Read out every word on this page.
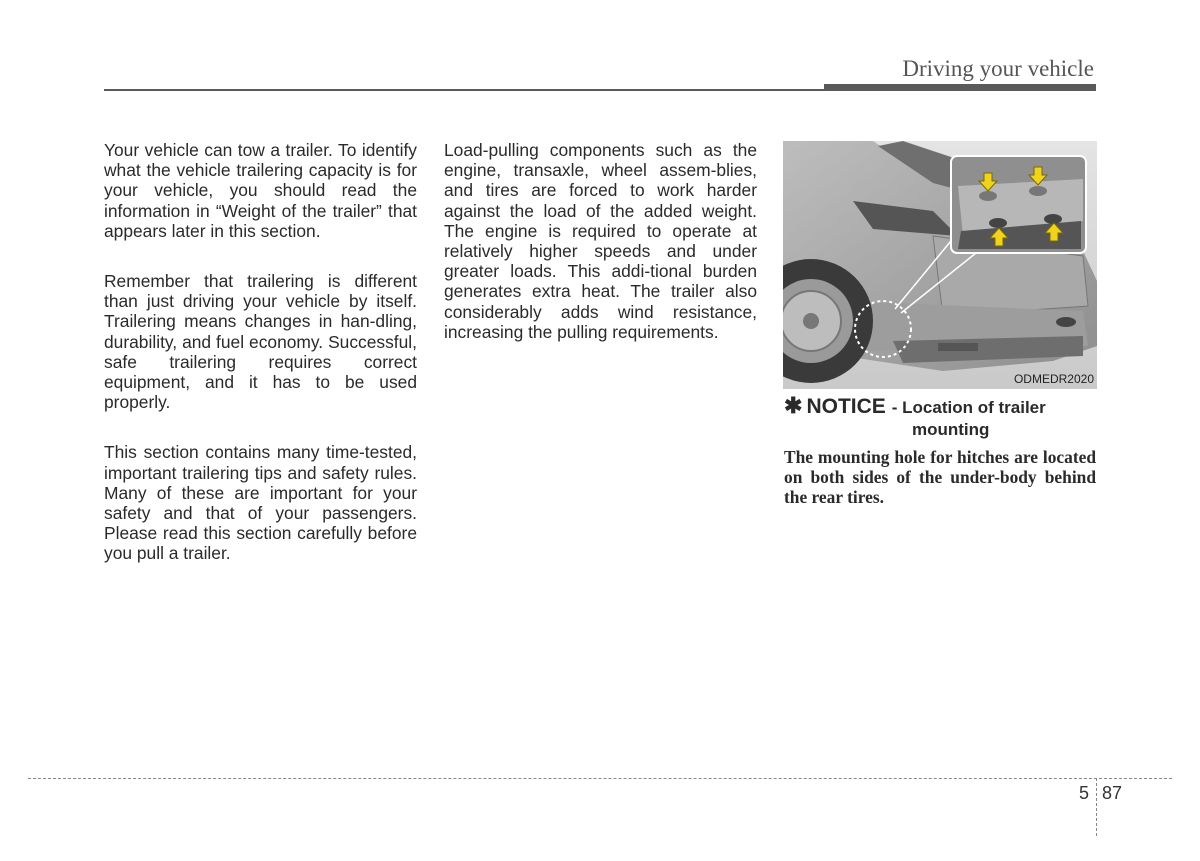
Driving your vehicle

Your vehicle can tow a trailer. To identify what the vehicle trailering capacity is for your vehicle, you should read the information in “Weight of the trailer” that appears later in this section.

Remember that trailering is different than just driving your vehicle by itself. Trailering means changes in han-dling, durability, and fuel economy. Successful, safe trailering requires correct equipment, and it has to be used properly.

This section contains many time-tested, important trailering tips and safety rules. Many of these are important for your safety and that of your passengers. Please read this section carefully before you pull a trailer.

Load-pulling components such as the engine, transaxle, wheel assem-blies, and tires are forced to work harder against the load of the added weight. The engine is required to operate at relatively higher speeds and under greater loads. This addi-tional burden generates extra heat. The trailer also considerably adds wind resistance, increasing the pulling requirements.

ODMEDR2020
✱ NOTICE - Location of trailer
mounting
The mounting hole for hitches are located on both sides of the under-body behind the rear tires.
5 87
